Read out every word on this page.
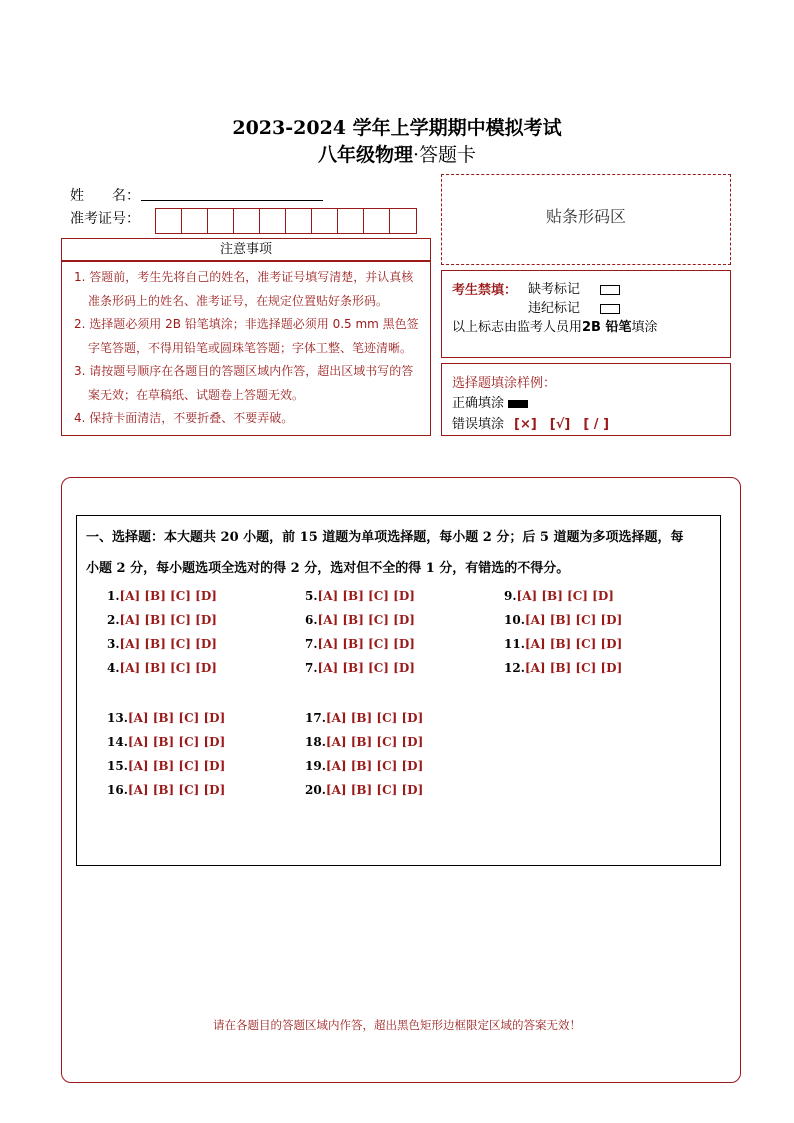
2023-2024 学年上学期期中模拟考试
八年级物理·答题卡
姓　　名：
准考证号：
注意事项
1. 答题前，考生先将自己的姓名，准考证号填写清楚，并认真核准条形码上的姓名、准考证号，在规定位置贴好条形码。
2. 选择题必须用 2B 铅笔填涂；非选择题必须用 0.5 mm 黑色签字笔答题，不得用铅笔或圆珠笔答题；字体工整、笔迹清晰。
3. 请按题号顺序在各题目的答题区域内作答，超出区域书写的答案无效；在草稿纸、试题卷上答题无效。
4. 保持卡面清洁，不要折叠、不要弄破。
贴条形码区
考生禁填： 缺考标记
违纪标记
以上标志由监考人员用2B 铅笔填涂
选择题填涂样例：
正确填涂
错误填涂 [×]　[√]　[ / ]
一、选择题：本大题共 20 小题，前 15 道题为单项选择题，每小题 2 分；后 5 道题为多项选择题，每
小题 2 分，每小题选项全选对的得 2 分，选对但不全的得 1 分，有错选的不得分。
1.[A] [B] [C] [D]
2.[A] [B] [C] [D]
3.[A] [B] [C] [D]
4.[A] [B] [C] [D]
5.[A] [B] [C] [D]
6.[A] [B] [C] [D]
7.[A] [B] [C] [D]
7.[A] [B] [C] [D]
9.[A] [B] [C] [D]
10.[A] [B] [C] [D]
11.[A] [B] [C] [D]
12.[A] [B] [C] [D]
13.[A] [B] [C] [D]
14.[A] [B] [C] [D]
15.[A] [B] [C] [D]
16.[A] [B] [C] [D]
17.[A] [B] [C] [D]
18.[A] [B] [C] [D]
19.[A] [B] [C] [D]
20.[A] [B] [C] [D]
请在各题目的答题区域内作答，超出黑色矩形边框限定区域的答案无效！
